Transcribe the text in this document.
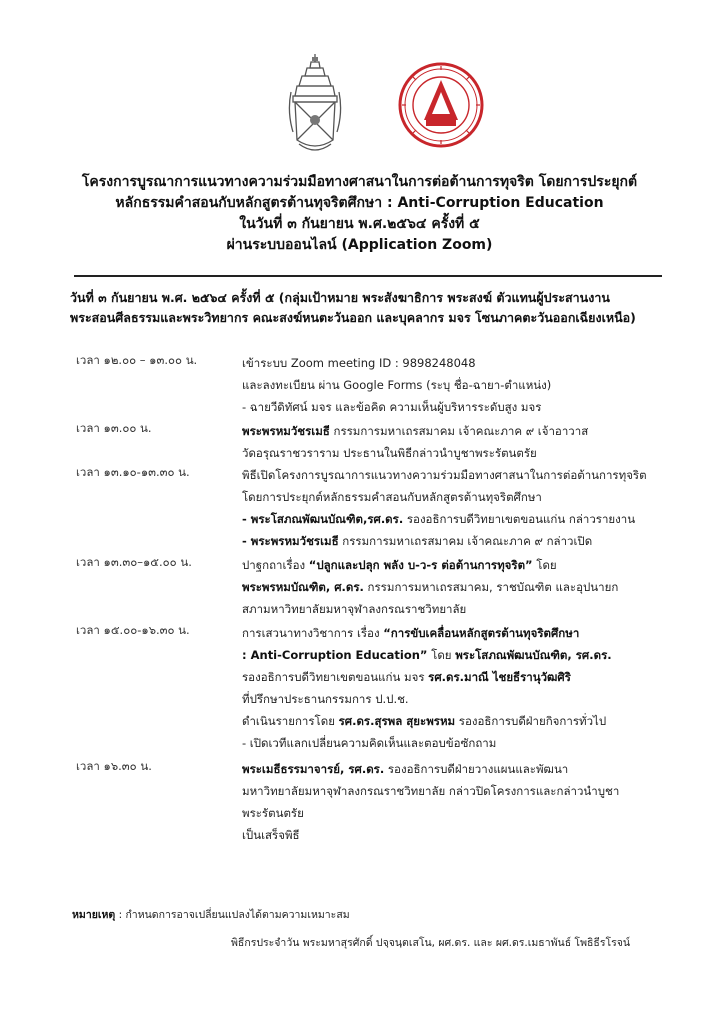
โครงการบูรณาการแนวทางความร่วมมือทางศาสนาในการต่อต้านการทุจริต โดยการประยุกต์
หลักธรรมคำสอนกับหลักสูตรต้านทุจริตศึกษา : Anti-Corruption Education
ในวันที่ ๓ กันยายน พ.ศ.๒๕๖๔ ครั้งที่ ๕
ผ่านระบบออนไลน์ (Application Zoom)
วันที่ ๓ กันยายน พ.ศ. ๒๕๖๔ ครั้งที่ ๕ (กลุ่มเป้าหมาย พระสังฆาธิการ พระสงฆ์ ตัวแทนผู้ประสานงาน
พระสอนศีลธรรมและพระวิทยากร คณะสงฆ์หนตะวันออก และบุคลากร มจร โซนภาคตะวันออกเฉียงเหนือ)
เวลา ๑๒.๐๐ – ๑๓.๐๐ น.	เข้าระบบ Zoom meeting ID : 9898248048
และลงทะเบียน ผ่าน Google Forms (ระบุ ชื่อ-ฉายา-ตำแหน่ง)
- ฉายวีดิทัศน์ มจร และข้อคิด ความเห็นผู้บริหารระดับสูง มจร
เวลา ๑๓.๐๐ น.	พระพรหมวัชรเมธี กรรมการมหาเถรสมาคม เจ้าคณะภาค ๙ เจ้าอาวาส
วัดอรุณราชวราราม ประธานในพิธีกล่าวนำบูชาพระรัตนตรัย
เวลา ๑๓.๑๐-๑๓.๓๐ น.	พิธีเปิดโครงการบูรณาการแนวทางความร่วมมือทางศาสนาในการต่อต้านการทุจริต
โดยการประยุกต์หลักธรรมคำสอนกับหลักสูตรต้านทุจริตศึกษา
- พระโสภณพัฒนบัณฑิต,รศ.ดร. รองอธิการบดีวิทยาเขตขอนแก่น กล่าวรายงาน
- พระพรหมวัชรเมธี กรรมการมหาเถรสมาคม เจ้าคณะภาค ๙ กล่าวเปิด
เวลา ๑๓.๓๐–๑๕.๐๐ น.	ปาฐกถาเรื่อง “ปลูกและปลุก พลัง บ-ว-ร ต่อต้านการทุจริต” โดย
พระพรหมบัณฑิต, ศ.ดร. กรรมการมหาเถรสมาคม, ราชบัณฑิต และอุปนายก
สภามหาวิทยาลัยมหาจุฬาลงกรณราชวิทยาลัย
เวลา ๑๕.๐๐-๑๖.๓๐ น.	การเสวนาทางวิชาการ เรื่อง “การขับเคลื่อนหลักสูตรต้านทุจริตศึกษา
: Anti-Corruption Education” โดย พระโสภณพัฒนบัณฑิต, รศ.ดร.
รองอธิการบดีวิทยาเขตขอนแก่น มจร รศ.ดร.มาณี ไชยธีรานุวัฒศิริ
ที่ปรึกษาประธานกรรมการ ป.ป.ช.
ดำเนินรายการโดย รศ.ดร.สุรพล สุยะพรหม รองอธิการบดีฝ่ายกิจการทั่วไป
- เปิดเวทีแลกเปลี่ยนความคิดเห็นและตอบข้อซักถาม
เวลา ๑๖.๓๐ น.	พระเมธีธรรมาจารย์, รศ.ดร. รองอธิการบดีฝ่ายวางแผนและพัฒนา
มหาวิทยาลัยมหาจุฬาลงกรณราชวิทยาลัย กล่าวปิดโครงการและกล่าวนำบูชา
พระรัตนตรัย
เป็นเสร็จพิธี
หมายเหตุ : กำหนดการอาจเปลี่ยนแปลงได้ตามความเหมาะสม
พิธีกรประจำวัน พระมหาสุรศักดิ์ ปจฺจนฺตเสโน, ผศ.ดร. และ ผศ.ดร.เมธาพันธ์ โพธิธีรโรจน์
